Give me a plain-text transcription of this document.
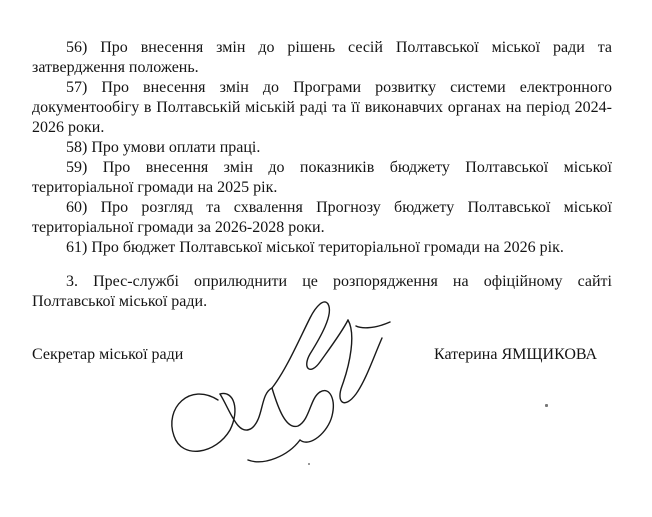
56) Про внесення змін до рішень сесій Полтавської міської ради та затвердження положень.

57) Про внесення змін до Програми розвитку системи електронного документообігу в Полтавській міській раді та її виконавчих органах на період 2024-2026 роки.

58) Про умови оплати праці.

59) Про внесення змін до показників бюджету Полтавської міської територіальної громади на 2025 рік.

60) Про розгляд та схвалення Прогнозу бюджету Полтавської міської територіальної громади за 2026-2028 роки.

61) Про бюджет Полтавської міської територіальної громади на 2026 рік.

3. Прес-службі оприлюднити це розпорядження на офіційному сайті Полтавської міської ради.

Секретар міської ради	Катерина ЯМЩИКОВА
